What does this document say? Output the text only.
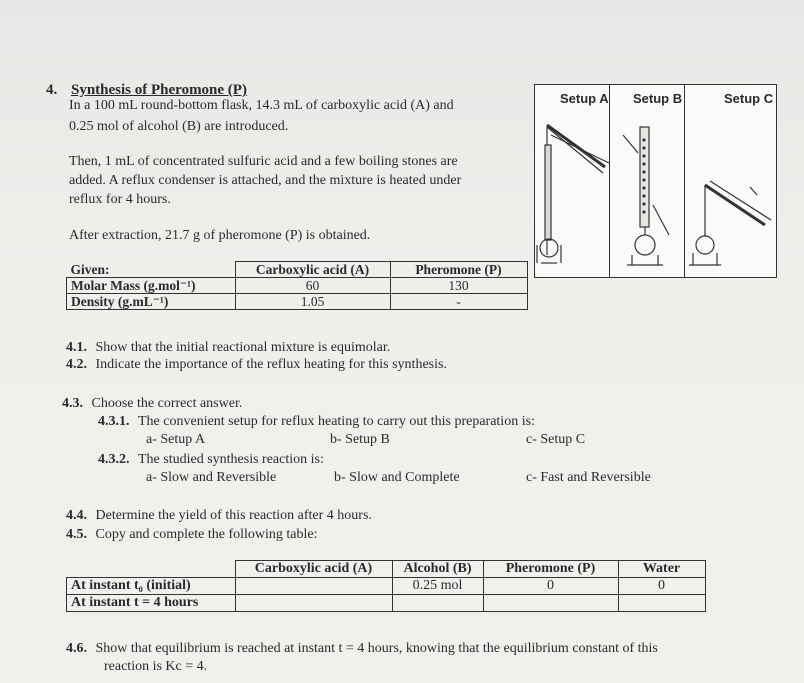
4. Synthesis of Pheromone (P)
In a 100 mL round-bottom flask, 14.3 mL of carboxylic acid (A) and
0.25 mol of alcohol (B) are introduced.
Then, 1 mL of concentrated sulfuric acid and a few boiling stones are
added. A reflux condenser is attached, and the mixture is heated under
reflux for 4 hours.
After extraction, 21.7 g of pheromone (P) is obtained.
Given:	Carboxylic acid (A)	Pheromone (P)
Molar Mass (g.mol⁻¹)	60	130
Density (g.mL⁻¹)	1.05	-
Setup A Setup B	Setup C
4.1. Show that the initial reactional mixture is equimolar.
4.2. Indicate the importance of the reflux heating for this synthesis.
4.3. Choose the correct answer.
4.3.1. The convenient setup for reflux heating to carry out this preparation is:
a- Setup A	b- Setup B	c- Setup C
4.3.2. The studied synthesis reaction is:
a- Slow and Reversible	b- Slow and Complete	c- Fast and Reversible
4.4. Determine the yield of this reaction after 4 hours.
4.5. Copy and complete the following table:
	Carboxylic acid (A)	Alcohol (B)	Pheromone (P)	Water
At instant t₀ (initial)		0.25 mol	0	0
At instant t = 4 hours				
4.6. Show that equilibrium is reached at instant t = 4 hours, knowing that the equilibrium constant of this
reaction is Kc = 4.
